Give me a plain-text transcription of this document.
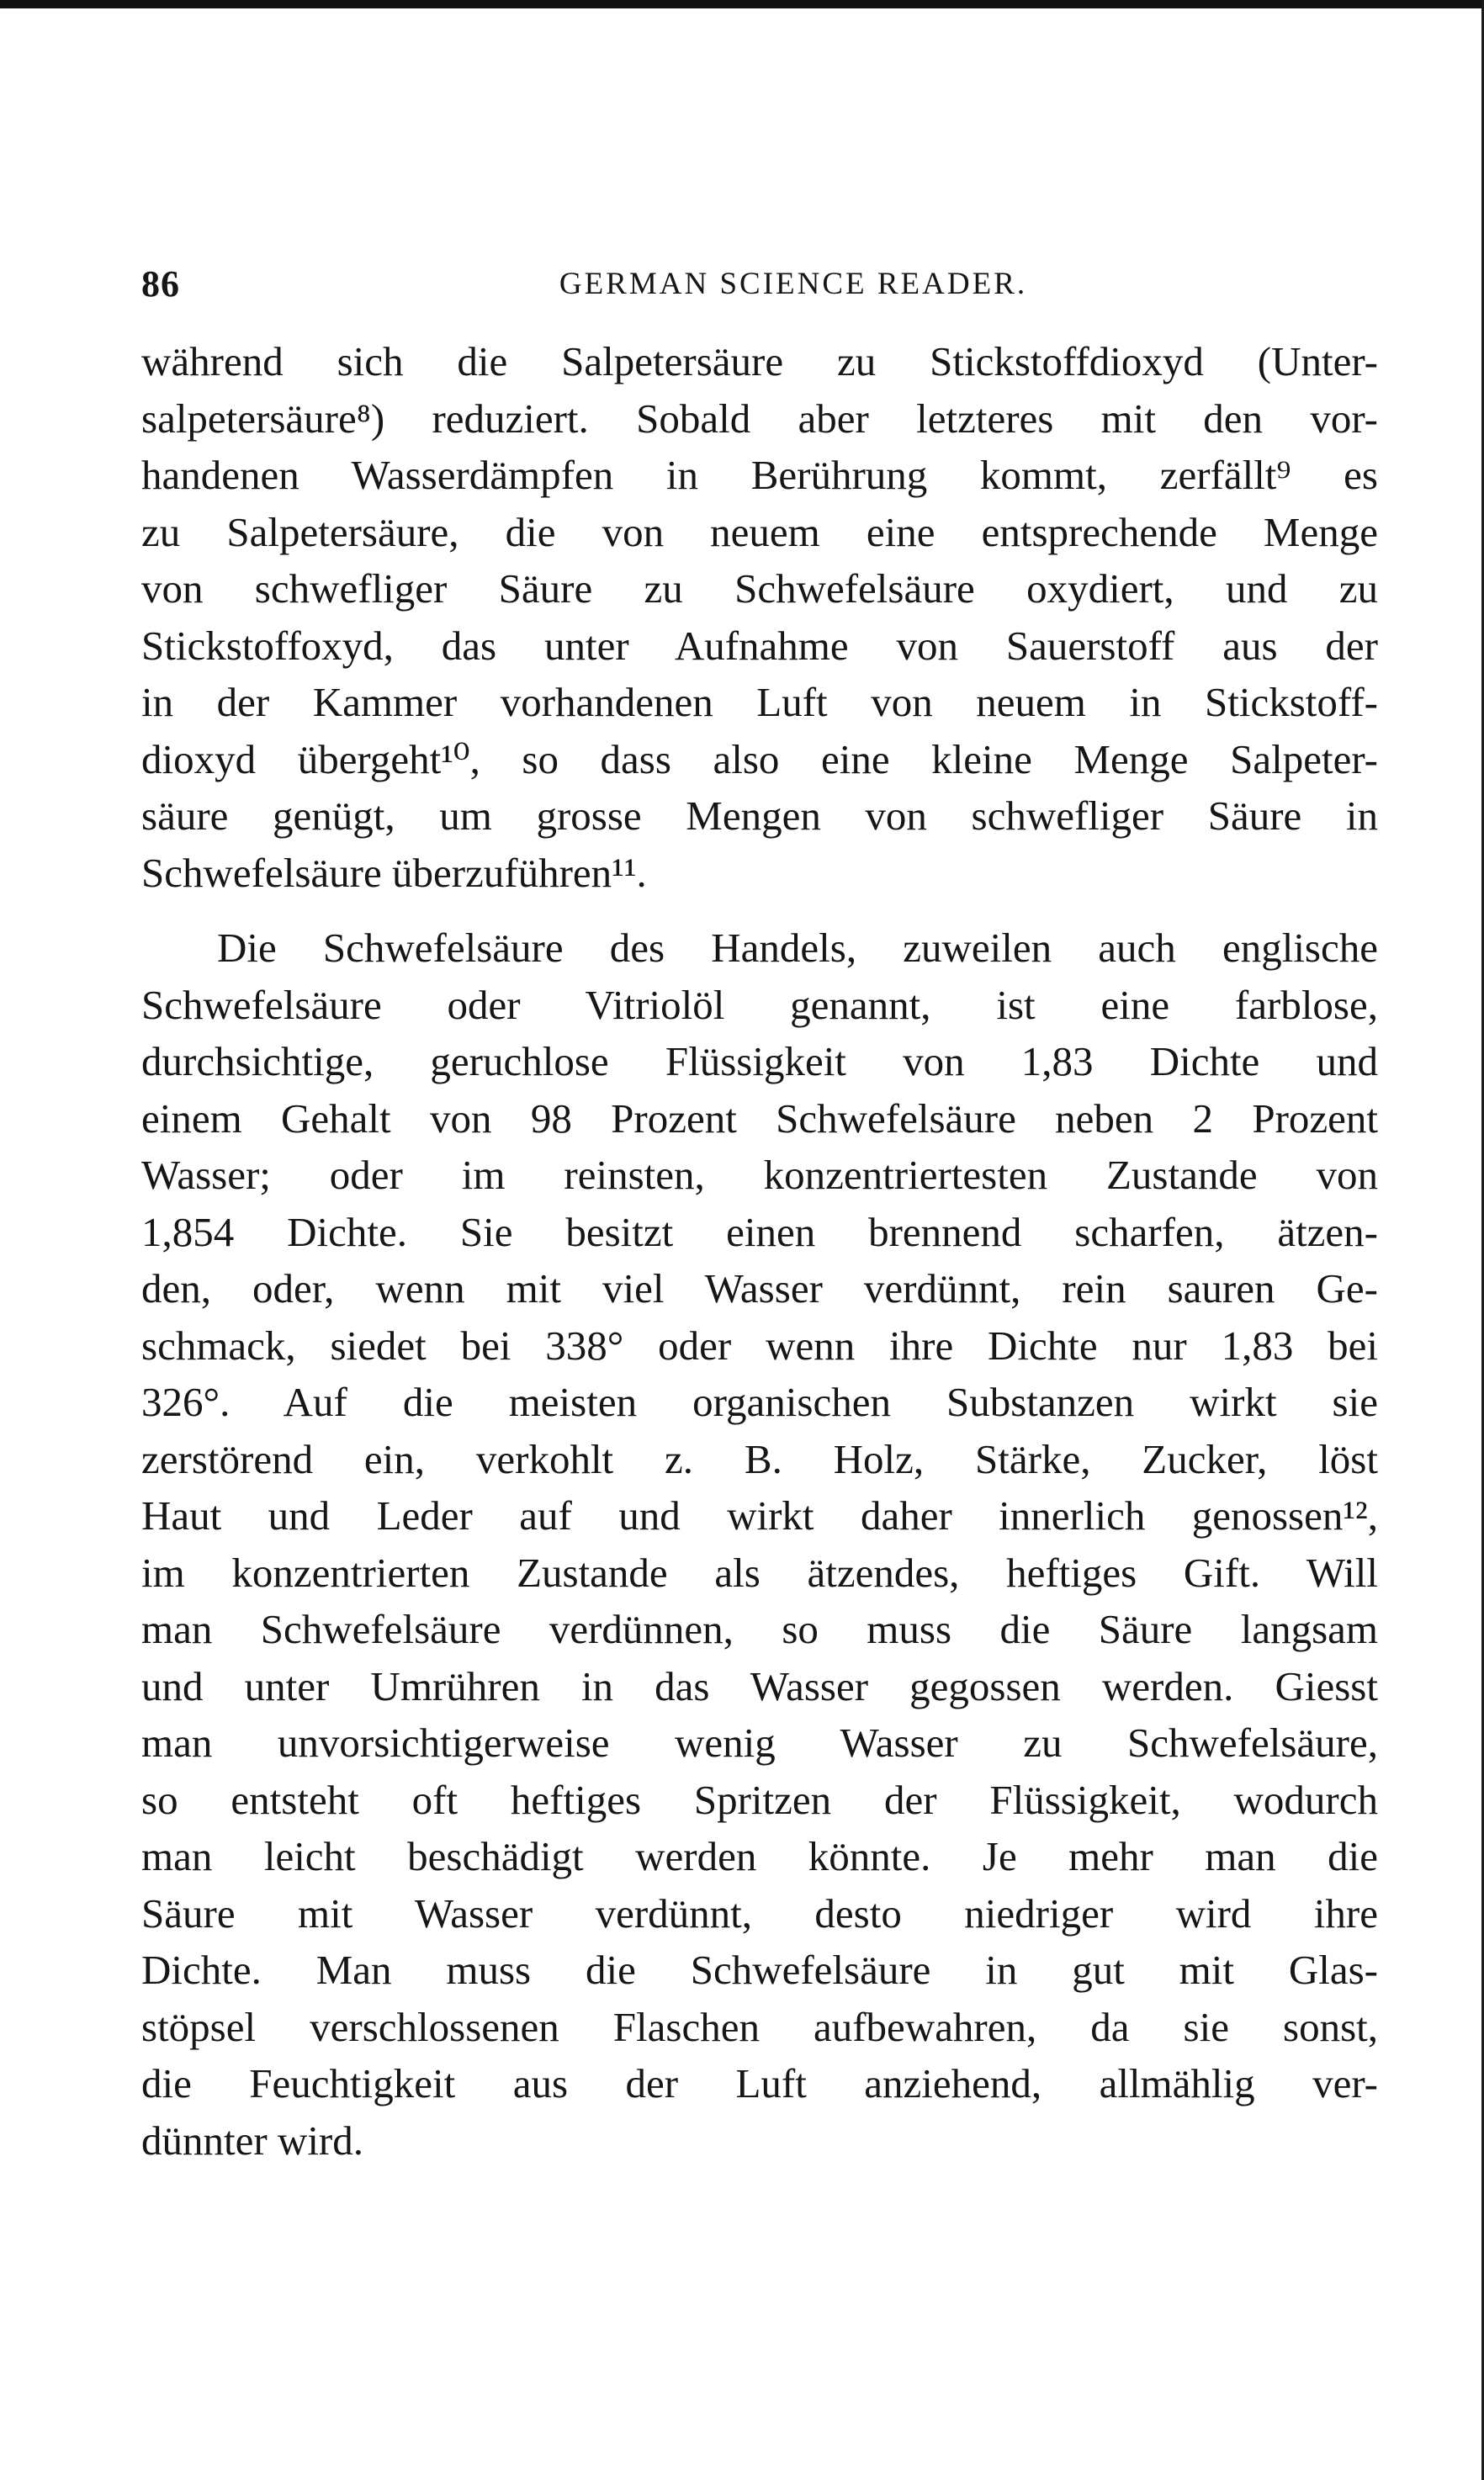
86	GERMAN SCIENCE READER.
während sich die Salpetersäure zu Stickstoffdioxyd (Unter-
salpetersäure⁸) reduziert. Sobald aber letzteres mit den vor-
handenen Wasserdämpfen in Berührung kommt, zerfällt⁹ es
zu Salpetersäure, die von neuem eine entsprechende Menge
von schwefliger Säure zu Schwefelsäure oxydiert, und zu
Stickstoffoxyd, das unter Aufnahme von Sauerstoff aus der
in der Kammer vorhandenen Luft von neuem in Stickstoff-
dioxyd übergeht¹⁰, so dass also eine kleine Menge Salpeter-
säure genügt, um grosse Mengen von schwefliger Säure in
Schwefelsäure überzuführen¹¹.
Die Schwefelsäure des Handels, zuweilen auch englische
Schwefelsäure oder Vitriolöl genannt, ist eine farblose,
durchsichtige, geruchlose Flüssigkeit von 1,83 Dichte und
einem Gehalt von 98 Prozent Schwefelsäure neben 2 Prozent
Wasser; oder im reinsten, konzentriertesten Zustande von
1,854 Dichte. Sie besitzt einen brennend scharfen, ätzen-
den, oder, wenn mit viel Wasser verdünnt, rein sauren Ge-
schmack, siedet bei 338° oder wenn ihre Dichte nur 1,83 bei
326°. Auf die meisten organischen Substanzen wirkt sie
zerstörend ein, verkohlt z. B. Holz, Stärke, Zucker, löst
Haut und Leder auf und wirkt daher innerlich genossen¹²,
im konzentrierten Zustande als ätzendes, heftiges Gift. Will
man Schwefelsäure verdünnen, so muss die Säure langsam
und unter Umrühren in das Wasser gegossen werden. Giesst
man unvorsichtigerweise wenig Wasser zu Schwefelsäure,
so entsteht oft heftiges Spritzen der Flüssigkeit, wodurch
man leicht beschädigt werden könnte. Je mehr man die
Säure mit Wasser verdünnt, desto niedriger wird ihre
Dichte. Man muss die Schwefelsäure in gut mit Glas-
stöpsel verschlossenen Flaschen aufbewahren, da sie sonst,
die Feuchtigkeit aus der Luft anziehend, allmählig ver-
dünnter wird.
